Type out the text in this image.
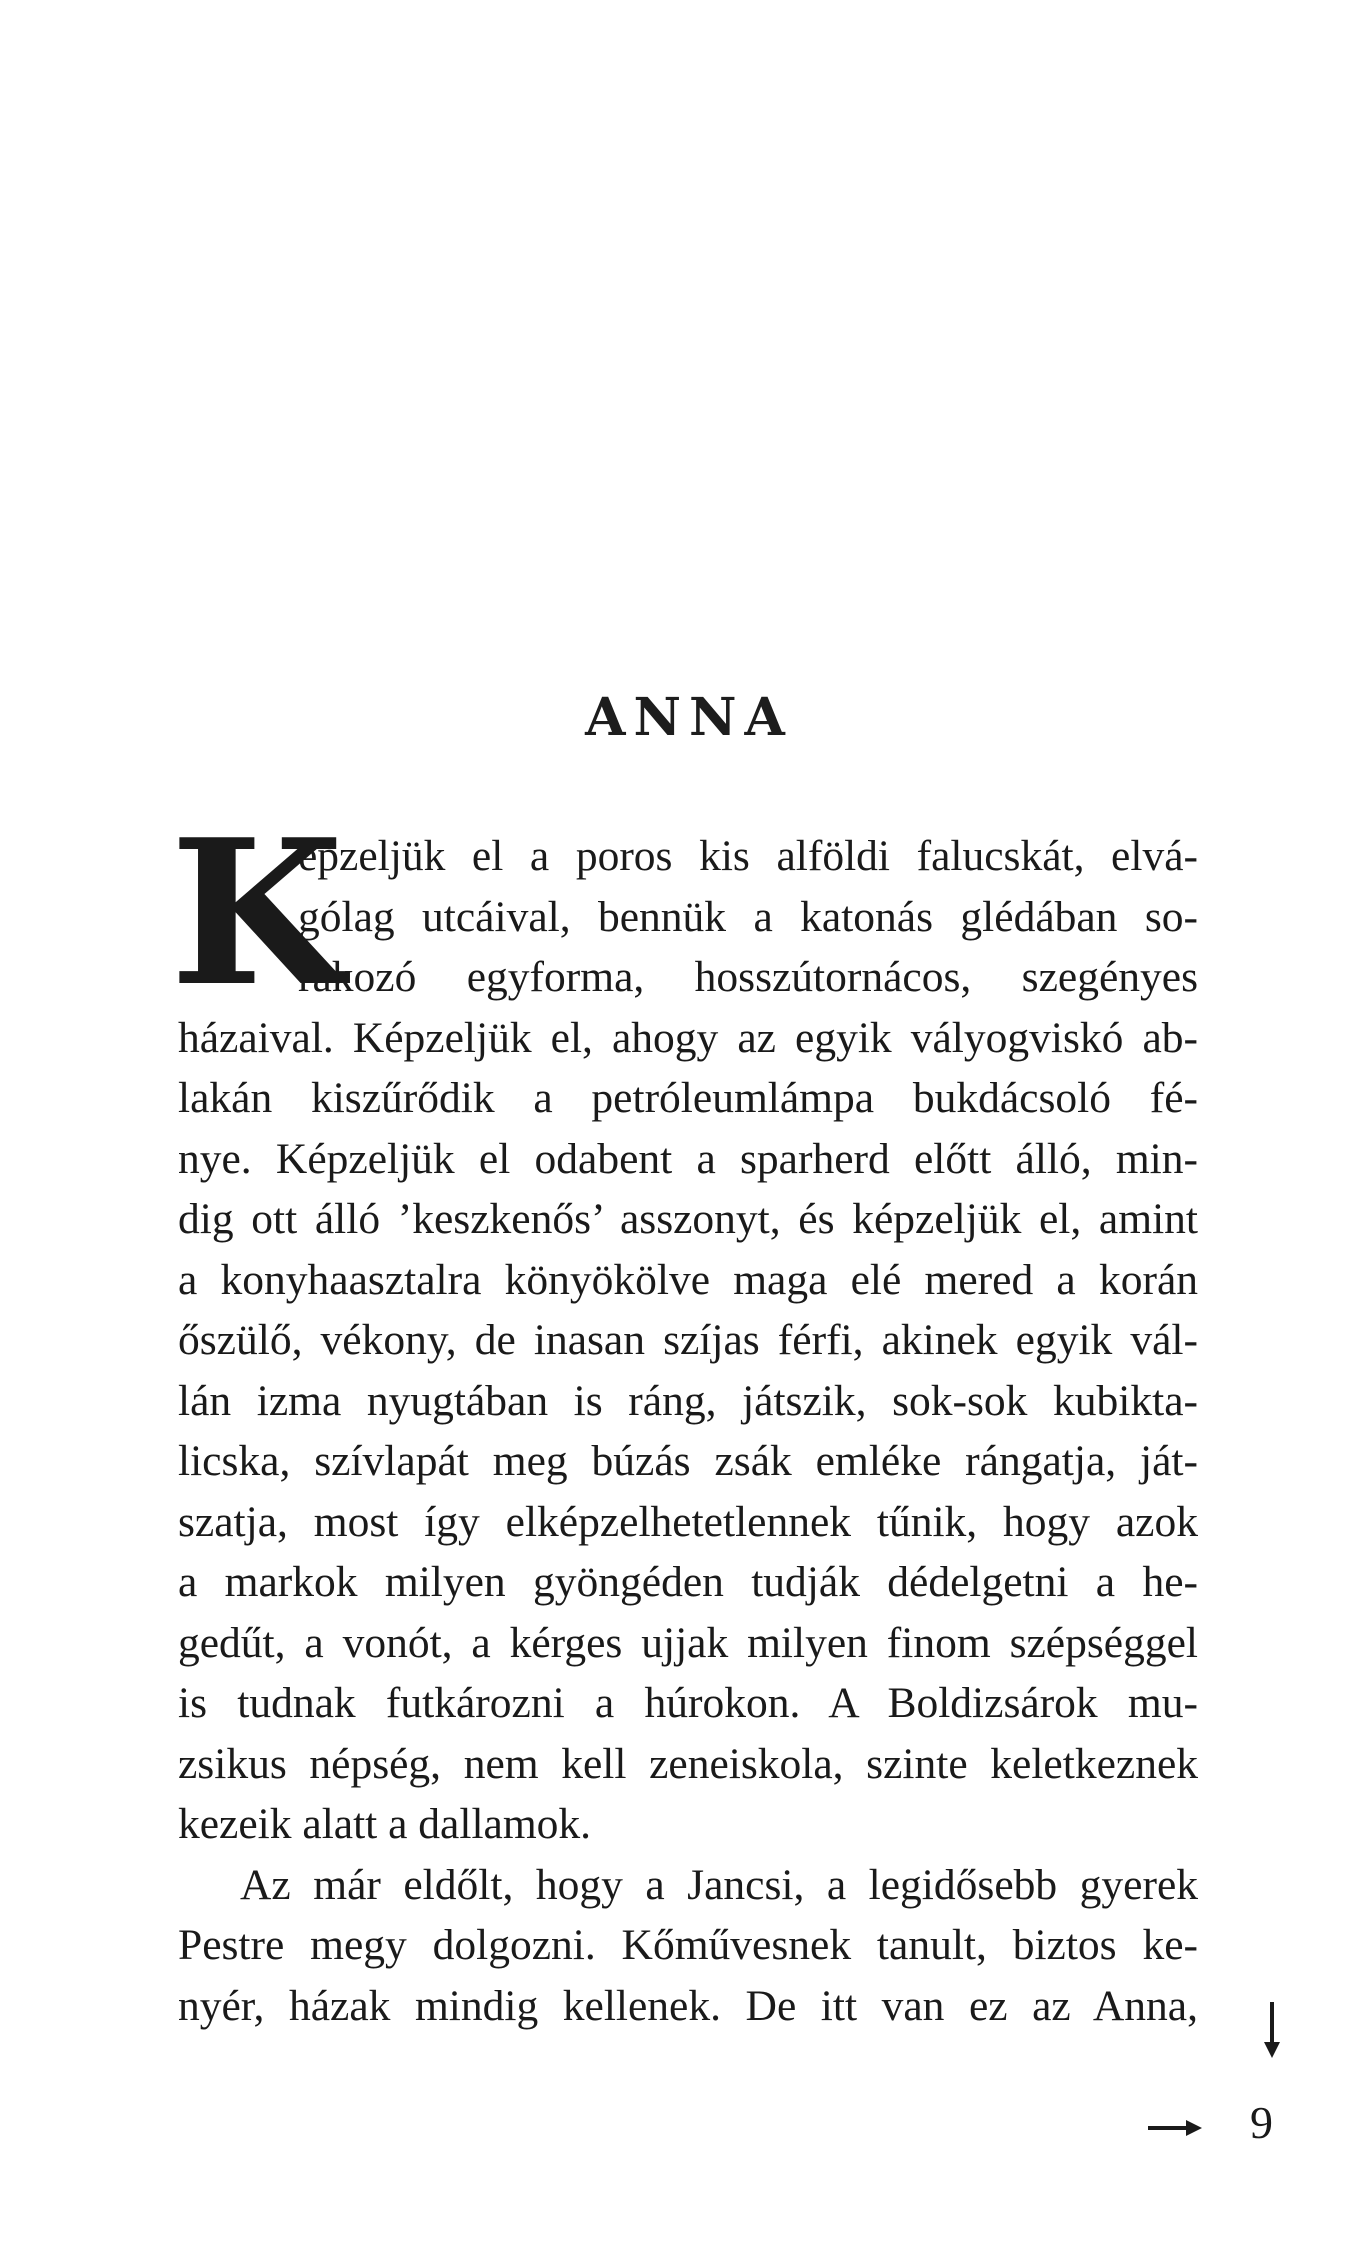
ANNA
K
épzeljük el a poros kis alföldi falucskát, elvá-
gólag utcáival, bennük a katonás glédában so-
rakozó egyforma, hosszútornácos, szegényes
házaival. Képzeljük el, ahogy az egyik vályogviskó ab-
lakán kiszűrődik a petróleumlámpa bukdácsoló fé-
nye. Képzeljük el odabent a sparherd előtt álló, min-
dig ott álló ’keszkenős’ asszonyt, és képzeljük el, amint
a konyhaasztalra könyökölve maga elé mered a korán
őszülő, vékony, de inasan szíjas férfi, akinek egyik vál-
lán izma nyugtában is ráng, játszik, sok-sok kubikta-
licska, szívlapát meg búzás zsák emléke rángatja, ját-
szatja, most így elképzelhetetlennek tűnik, hogy azok
a markok milyen gyöngéden tudják dédelgetni a he-
gedűt, a vonót, a kérges ujjak milyen finom szépséggel
is tudnak futkározni a húrokon. A Boldizsárok mu-
zsikus népség, nem kell zeneiskola, szinte keletkeznek
kezeik alatt a dallamok.
Az már eldőlt, hogy a Jancsi, a legidősebb gyerek
Pestre megy dolgozni. Kőművesnek tanult, biztos ke-
nyér, házak mindig kellenek. De itt van ez az Anna,
9
